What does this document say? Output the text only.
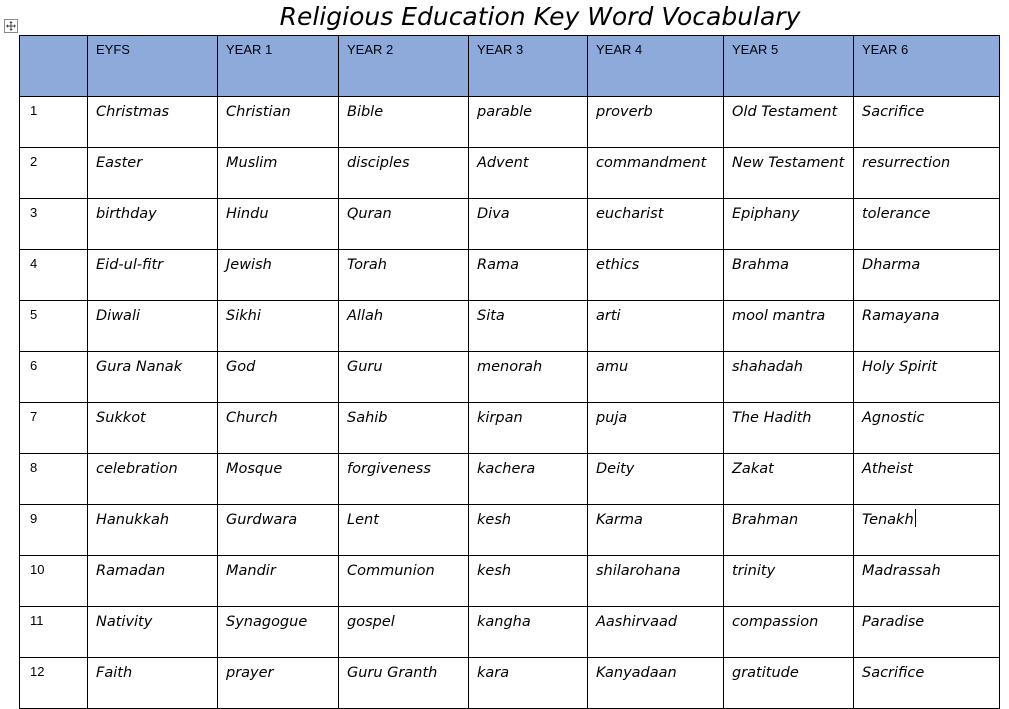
Religious Education Key Word Vocabulary
	EYFS	YEAR 1	YEAR 2	YEAR 3	YEAR 4	YEAR 5	YEAR 6
1	Christmas	Christian	Bible	parable	proverb	Old Testament	Sacrifice
2	Easter	Muslim	disciples	Advent	commandment	New Testament	resurrection
3	birthday	Hindu	Quran	Diva	eucharist	Epiphany	tolerance
4	Eid-ul-fitr	Jewish	Torah	Rama	ethics	Brahma	Dharma
5	Diwali	Sikhi	Allah	Sita	arti	mool mantra	Ramayana
6	Gura Nanak	God	Guru	menorah	amu	shahadah	Holy Spirit
7	Sukkot	Church	Sahib	kirpan	puja	The Hadith	Agnostic
8	celebration	Mosque	forgiveness	kachera	Deity	Zakat	Atheist
9	Hanukkah	Gurdwara	Lent	kesh	Karma	Brahman	Tenakh
10	Ramadan	Mandir	Communion	kesh	shilarohana	trinity	Madrassah
11	Nativity	Synagogue	gospel	kangha	Aashirvaad	compassion	Paradise
12	Faith	prayer	Guru Granth	kara	Kanyadaan	gratitude	Sacrifice
